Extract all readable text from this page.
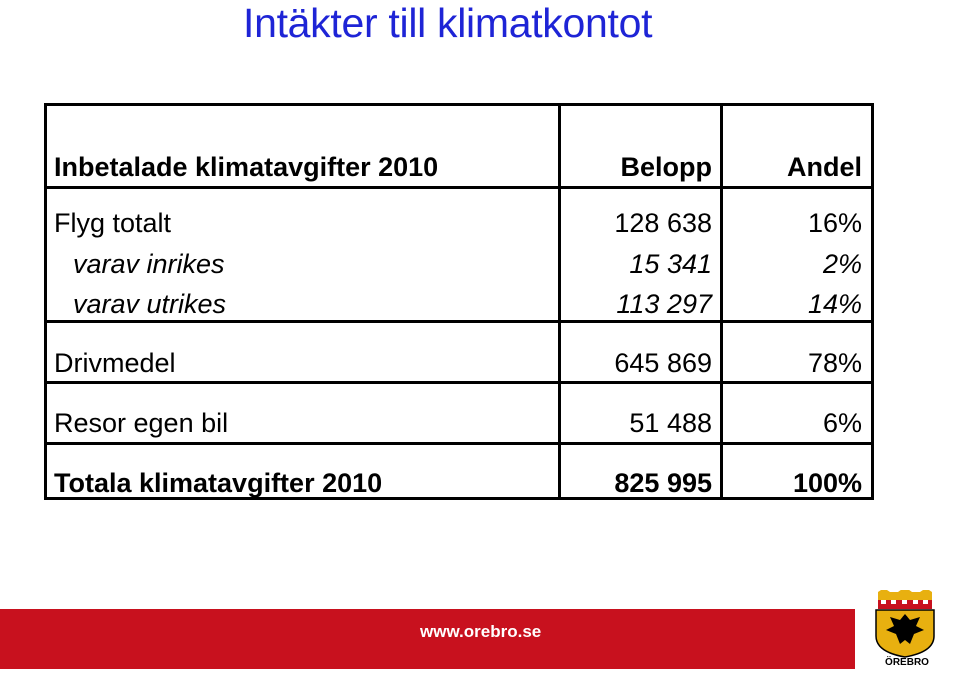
Intäkter till klimatkontot
Inbetalade klimatavgifter 2010	Belopp	Andel
Flyg totalt	128 638	16%
varav inrikes	15 341	2%
varav utrikes	113 297	14%
Drivmedel	645 869	78%
Resor egen bil	51 488	6%
Totala klimatavgifter 2010	825 995	100%
www.orebro.se
ÖREBRO
